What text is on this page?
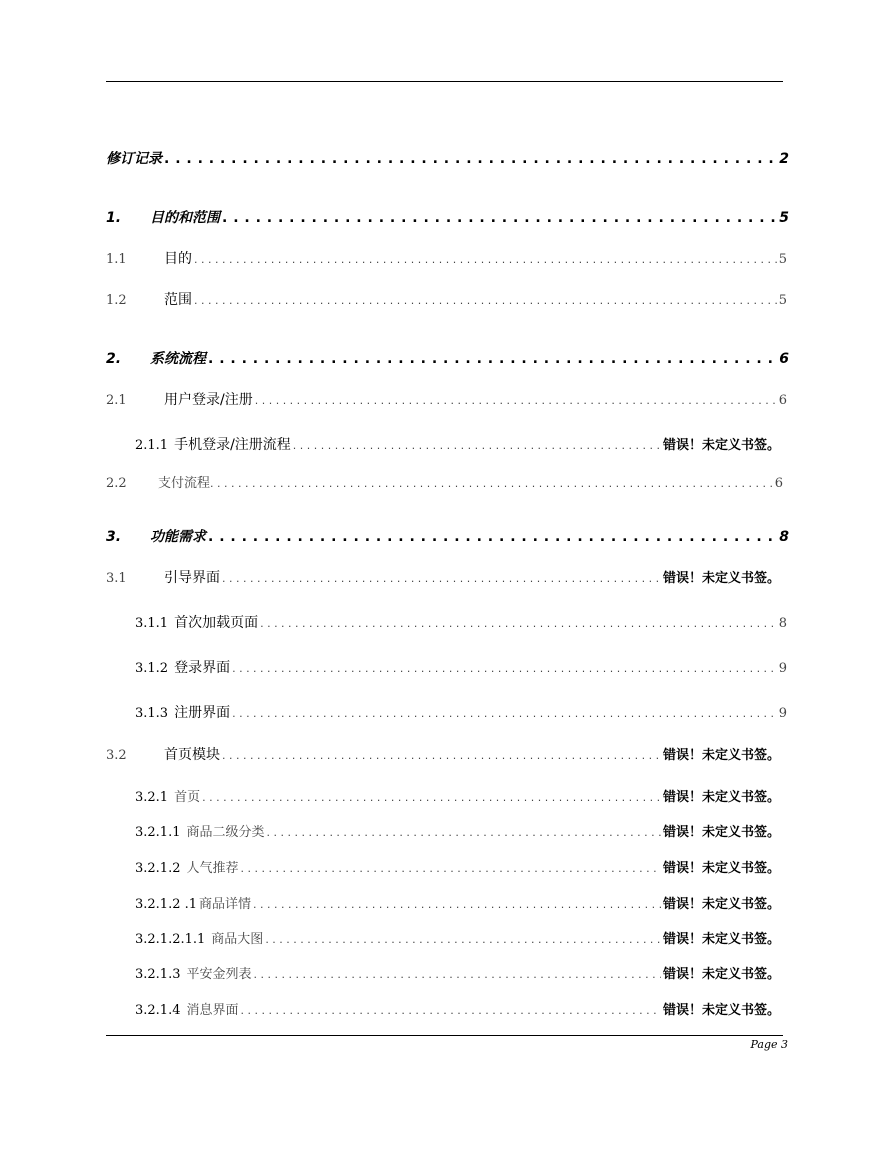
修订记录 . . .	2
1.	目的和范围 . . .	5
1.1	目的 . . .	5
1.2	范围 . . .	5
2.	系统流程 . . .	6
2.1	用户登录/注册 . . .	6
2.1.1 手机登录/注册流程 . . .	错误！未定义书签。
2.2	支付流程 . . .	6
3.	功能需求 . . .	8
3.1	引导界面 . . .	错误！未定义书签。
3.1.1 首次加载页面 . . .	8
3.1.2 登录界面 . . .	9
3.1.3 注册界面 . . .	9
3.2	首页模块 . . .	错误！未定义书签。
3.2.1 首页 . . .	错误！未定义书签。
3.2.1.1 商品二级分类 . . .	错误！未定义书签。
3.2.1.2 人气推荐 . . .	错误！未定义书签。
3.2.1.2 .1 商品详情 . . .	错误！未定义书签。
3.2.1.2.1.1 商品大图 . . .	错误！未定义书签。
3.2.1.3 平安金列表 . . .	错误！未定义书签。
3.2.1.4 消息界面 . . .	错误！未定义书签。
Page 3
